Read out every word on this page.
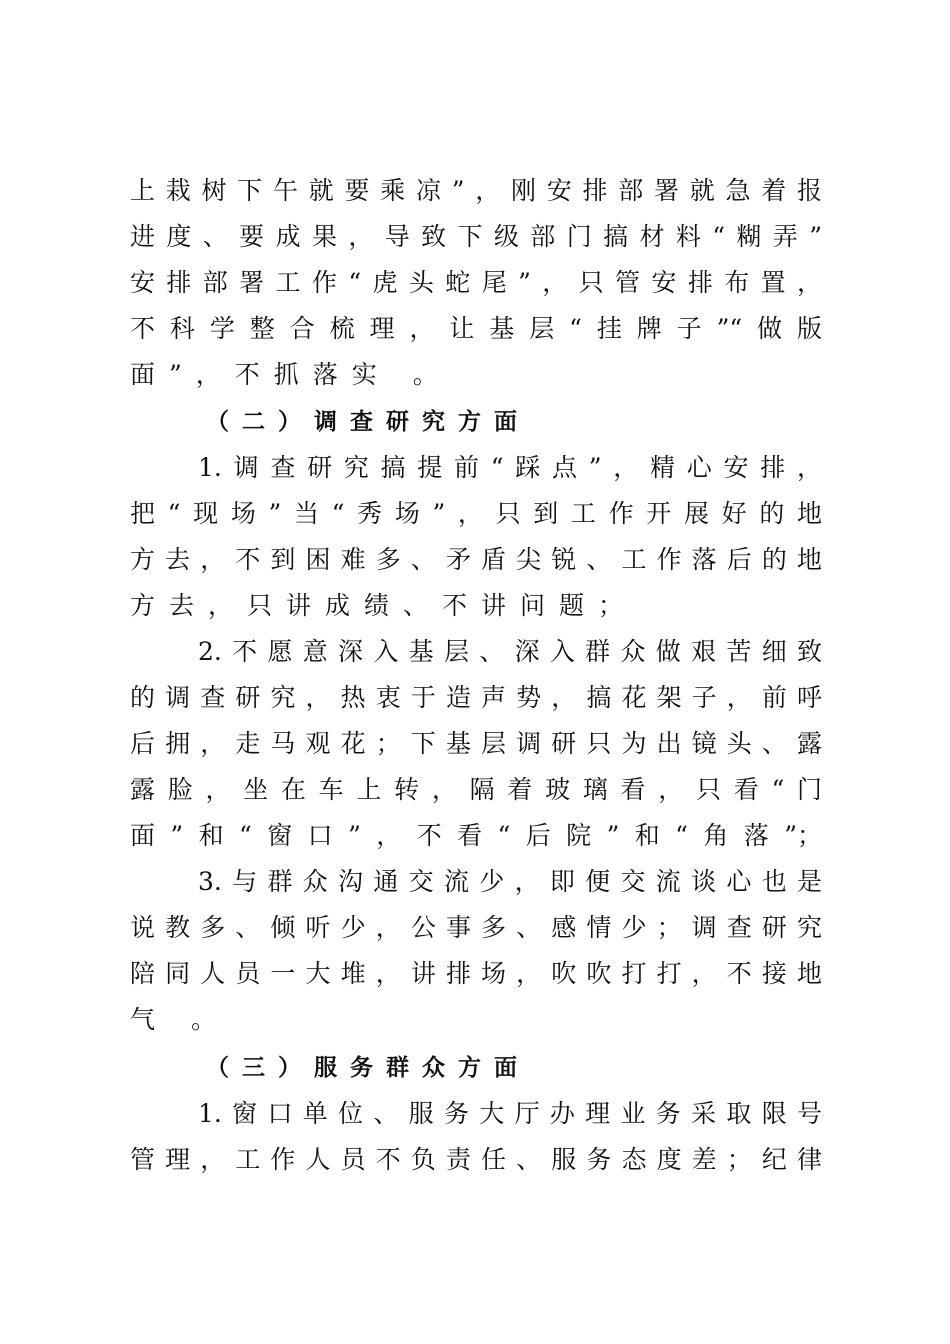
上栽树下午就要乘凉”，刚安排部署就急着报
进度、要成果，导致下级部门搞材料“糊弄”
安排部署工作“虎头蛇尾”，只管安排布置，
不科学整合梳理，让基层“挂牌子”“做版
面”，不抓落实 。
（二）调查研究方面
1.调查研究搞提前“踩点”，精心安排，
把“现场”当“秀场”，只到工作开展好的地
方去，不到困难多、矛盾尖锐、工作落后的地
方去，只讲成绩、不讲问题；
2.不愿意深入基层、深入群众做艰苦细致
的调查研究，热衷于造声势，搞花架子，前呼
后拥，走马观花；下基层调研只为出镜头、露
露脸，坐在车上转，隔着玻璃看，只看“门
面”和“窗口”，不看“后院”和“角落”；
3.与群众沟通交流少，即便交流谈心也是
说教多、倾听少，公事多、感情少；调查研究
陪同人员一大堆，讲排场，吹吹打打，不接地
气 。
（三）服务群众方面
1.窗口单位、服务大厅办理业务采取限号
管理，工作人员不负责任、服务态度差；纪律
